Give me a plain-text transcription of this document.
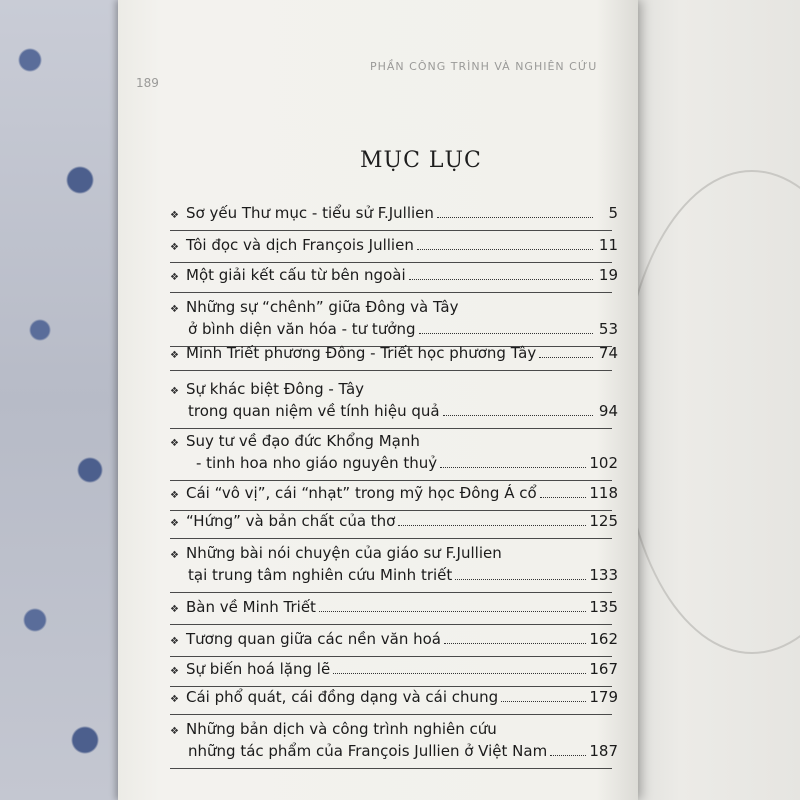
PHẦN CÔNG TRÌNH VÀ NGHIÊN CỨU
189
MỤC LỤC
❖ Sơ yếu Thư mục - tiểu sử F.Jullien	5
❖ Tôi đọc và dịch François Jullien	11
❖ Một giải kết cấu từ bên ngoài	19
❖ Những sự “chênh” giữa Đông và Tây
ở bình diện văn hóa - tư tưởng	53
❖ Minh Triết phương Đông - Triết học phương Tây	74
❖ Sự khác biệt Đông - Tây
trong quan niệm về tính hiệu quả	94
❖ Suy tư về đạo đức Khổng Mạnh
- tinh hoa nho giáo nguyên thuỷ	102
❖ Cái “vô vị”, cái “nhạt” trong mỹ học Đông Á cổ	118
❖ “Hứng” và bản chất của thơ	125
❖ Những bài nói chuyện của giáo sư F.Jullien
tại trung tâm nghiên cứu Minh triết	133
❖ Bàn về Minh Triết	135
❖ Tương quan giữa các nền văn hoá	162
❖ Sự biến hoá lặng lẽ	167
❖ Cái phổ quát, cái đồng dạng và cái chung	179
❖ Những bản dịch và công trình nghiên cứu
những tác phẩm của François Jullien ở Việt Nam	187
